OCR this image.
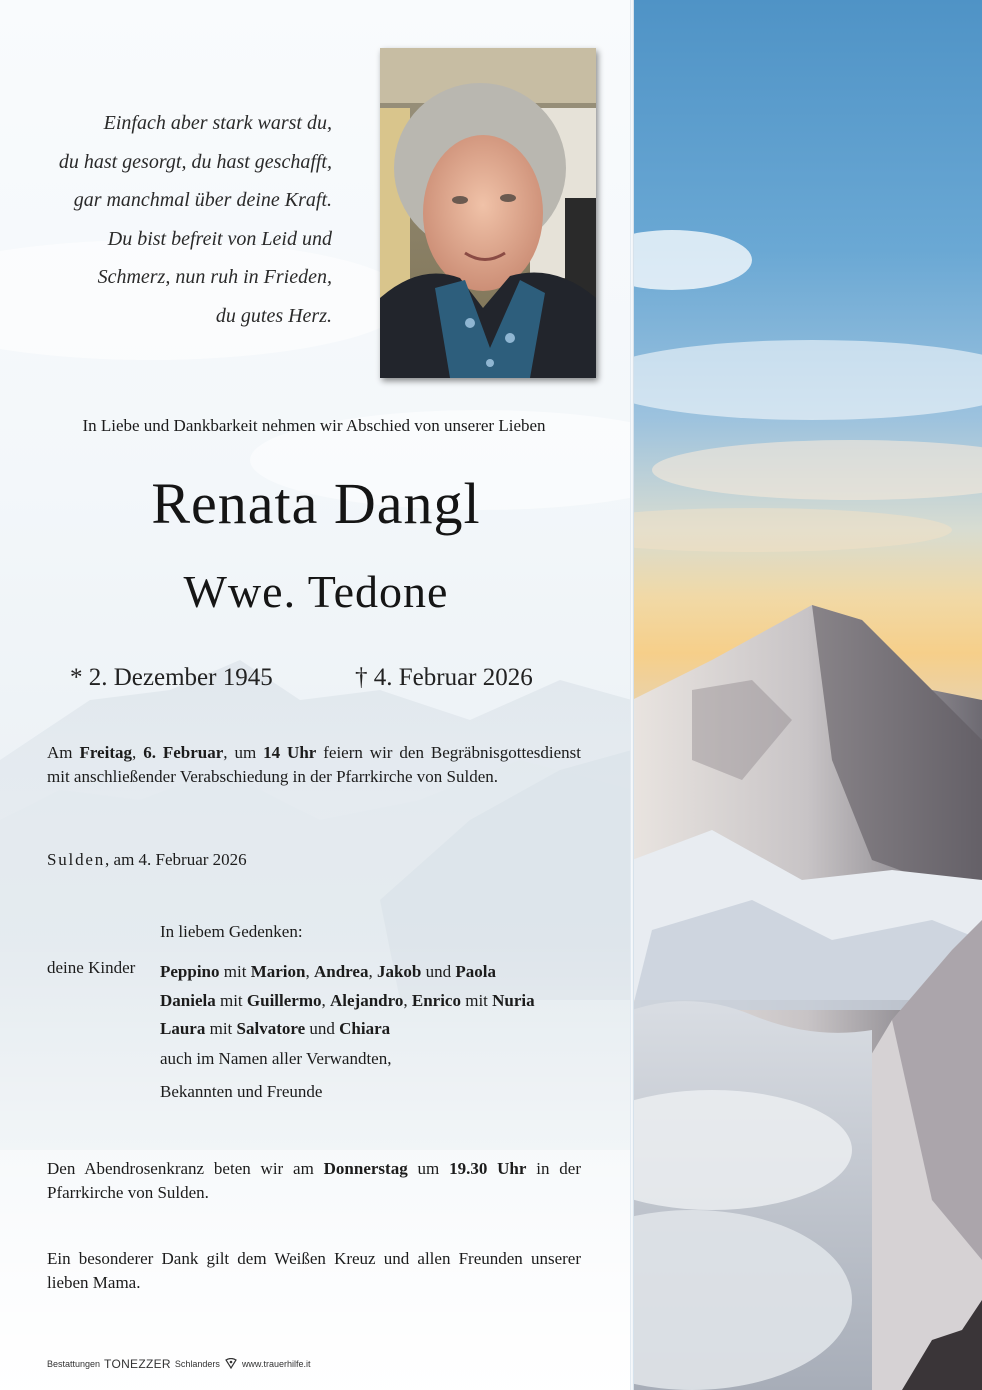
Einfach aber stark warst du,
du hast gesorgt, du hast geschafft,
gar manchmal über deine Kraft.
Du bist befreit von Leid und
Schmerz, nun ruh in Frieden,
du gutes Herz.
In Liebe und Dankbarkeit nehmen wir Abschied von unserer Lieben
Renata Dangl
Wwe. Tedone
* 2. Dezember 1945	† 4. Februar 2026
Am Freitag, 6. Februar, um 14 Uhr feiern wir den Begräbnisgottesdienst mit anschließender Verabschiedung in der Pfarrkirche von Sulden.
Sulden, am 4. Februar 2026
In liebem Gedenken:
deine Kinder Peppino mit Marion, Andrea, Jakob und Paola
Daniela mit Guillermo, Alejandro, Enrico mit Nuria
Laura mit Salvatore und Chiara
auch im Namen aller Verwandten,
Bekannten und Freunde
Den Abendrosenkranz beten wir am Donnerstag um 19.30 Uhr in der Pfarrkirche von Sulden.
Ein besonderer Dank gilt dem Weißen Kreuz und allen Freunden unserer lieben Mama.
Bestattungen TONEZZER Schlanders www.trauerhilfe.it
